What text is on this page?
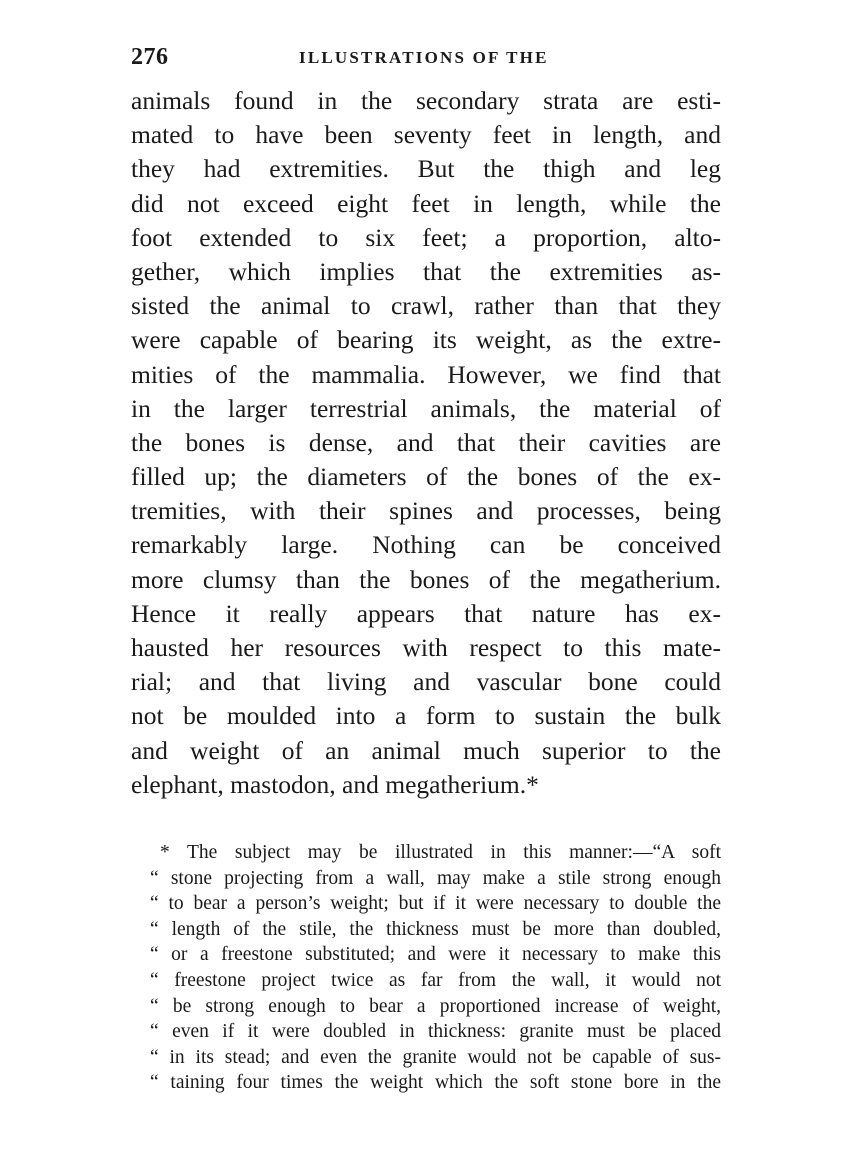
276	ILLUSTRATIONS OF THE
animals found in the secondary strata are esti-
mated to have been seventy feet in length, and
they had extremities. But the thigh and leg
did not exceed eight feet in length, while the
foot extended to six feet; a proportion, alto-
gether, which implies that the extremities as-
sisted the animal to crawl, rather than that they
were capable of bearing its weight, as the extre-
mities of the mammalia. However, we find that
in the larger terrestrial animals, the material of
the bones is dense, and that their cavities are
filled up; the diameters of the bones of the ex-
tremities, with their spines and processes, being
remarkably large. Nothing can be conceived
more clumsy than the bones of the megatherium.
Hence it really appears that nature has ex-
hausted her resources with respect to this mate-
rial; and that living and vascular bone could
not be moulded into a form to sustain the bulk
and weight of an animal much superior to the
elephant, mastodon, and megatherium.*
* The subject may be illustrated in this manner:—“A soft
“ stone projecting from a wall, may make a stile strong enough
“ to bear a person’s weight; but if it were necessary to double the
“ length of the stile, the thickness must be more than doubled,
“ or a freestone substituted; and were it necessary to make this
“ freestone project twice as far from the wall, it would not
“ be strong enough to bear a proportioned increase of weight,
“ even if it were doubled in thickness: granite must be placed
“ in its stead; and even the granite would not be capable of sus-
“ taining four times the weight which the soft stone bore in the
